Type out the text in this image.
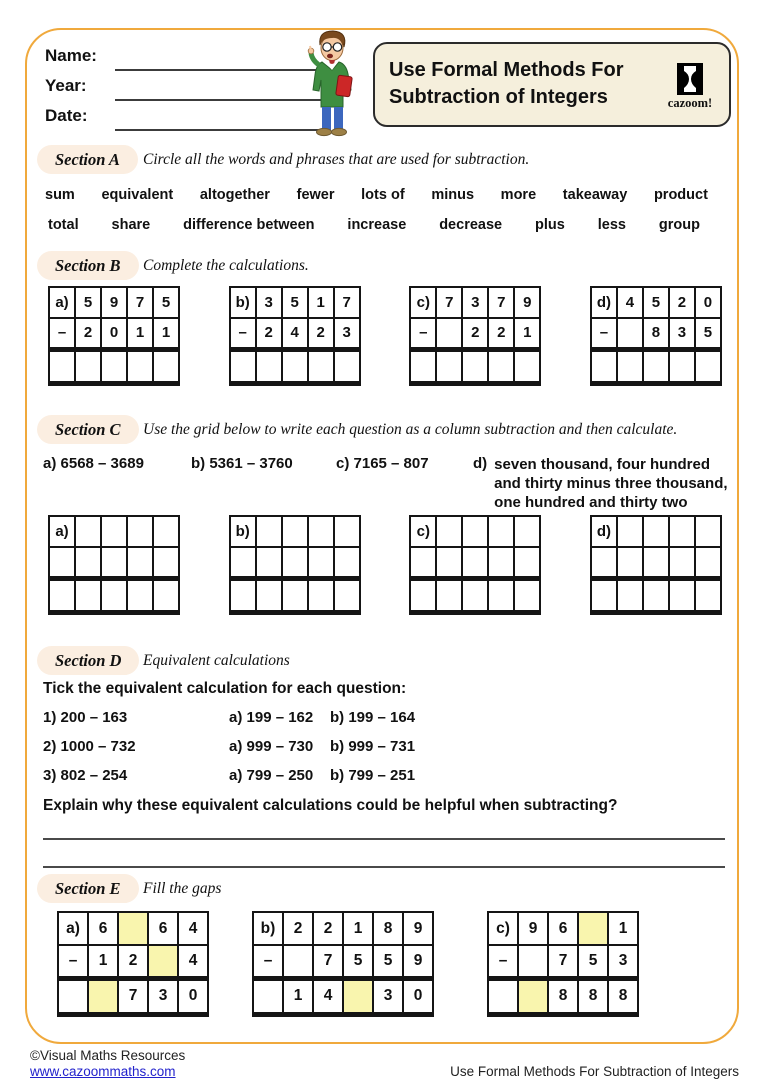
Name:
Year:
Date:
Use Formal Methods For
Subtraction of Integers	cazoom!
Section A	Circle all the words and phrases that are used for subtraction.
sum equivalent altogether fewer lots of minus more takeaway product
total share difference between increase decrease plus less group
Section B	Complete the calculations.
a)	5	9	7	5
–	2	0	1	1

b)	3	5	1	7
–	2	4	2	3

c)	7	3	7	9
–		2	2	1

d)	4	5	2	0
–		8	3	5

Section C	Use the grid below to write each question as a column subtraction and then calculate.
a) 6568 – 3689	b) 5361 – 3760	c) 7165 – 807	d) seven thousand, four hundred
and thirty minus three thousand,
one hundred and thirty two
a)				

					b)				

					c)				

					d)				

Section D	Equivalent calculations
Tick the equivalent calculation for each question:
1) 200 – 163	a) 199 – 162 b) 199 – 164
2) 1000 – 732	a) 999 – 730 b) 999 – 731
3) 802 – 254	a) 799 – 250 b) 799 – 251
Explain why these equivalent calculations could be helpful when subtracting?
Section E	Fill the gaps
a)	6		6	4
–	1	2		4
		7	3	0
b)	2	2	1	8	9
–		7	5	5	9
	1	4		3	0
c)	9	6		1
–		7	5	3
		8	8	8
©Visual Maths Resources
www.cazoommaths.com	Use Formal Methods For Subtraction of Integers
